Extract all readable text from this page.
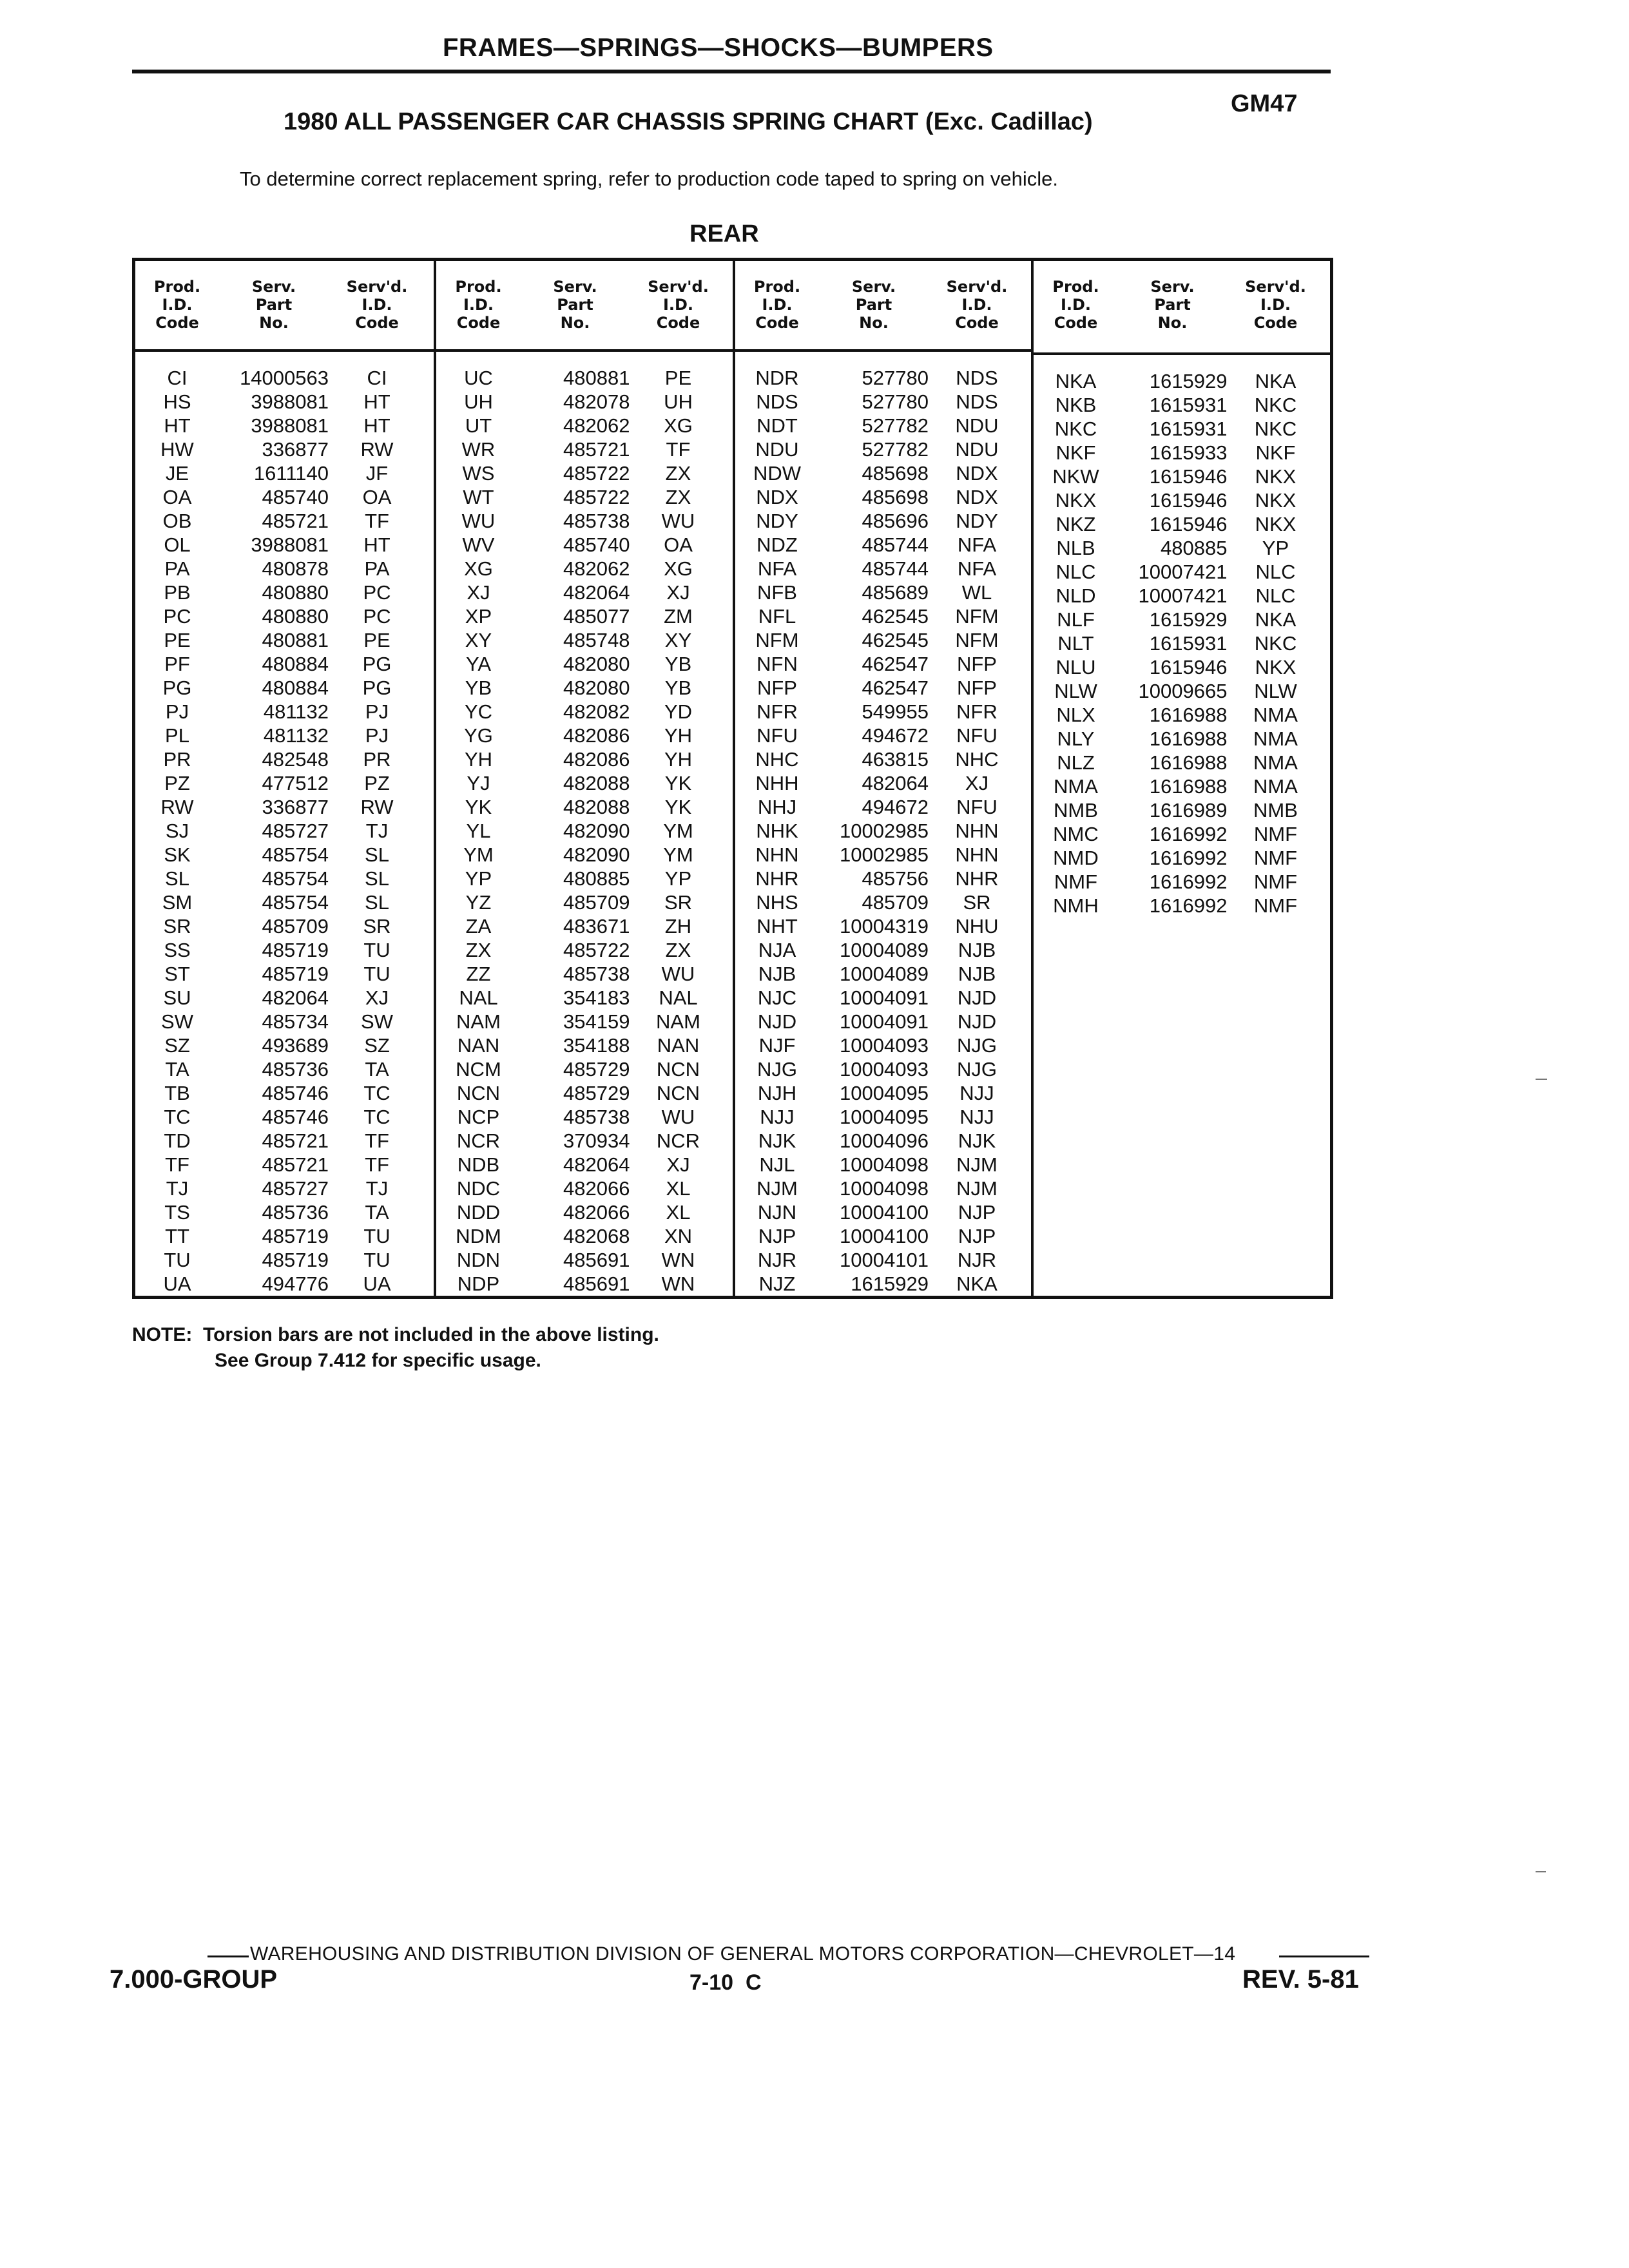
FRAMES—SPRINGS—SHOCKS—BUMPERS
1980 ALL PASSENGER CAR CHASSIS SPRING CHART (Exc. Cadillac)
GM47
To determine correct replacement spring, refer to production code taped to spring on vehicle.
REAR
Prod.
I.D.
Code
Serv.
Part
No.
Serv'd.
I.D.
Code
CI	14000563	CI
HS	3988081	HT
HT	3988081	HT
HW	336877	RW
JE	1611140	JF
OA	485740	OA
OB	485721	TF
OL	3988081	HT
PA	480878	PA
PB	480880	PC
PC	480880	PC
PE	480881	PE
PF	480884	PG
PG	480884	PG
PJ	481132	PJ
PL	481132	PJ
PR	482548	PR
PZ	477512	PZ
RW	336877	RW
SJ	485727	TJ
SK	485754	SL
SL	485754	SL
SM	485754	SL
SR	485709	SR
SS	485719	TU
ST	485719	TU
SU	482064	XJ
SW	485734	SW
SZ	493689	SZ
TA	485736	TA
TB	485746	TC
TC	485746	TC
TD	485721	TF
TF	485721	TF
TJ	485727	TJ
TS	485736	TA
TT	485719	TU
TU	485719	TU
UA	494776	UA
Prod.
I.D.
Code
Serv.
Part
No.
Serv'd.
I.D.
Code
UC	480881	PE
UH	482078	UH
UT	482062	XG
WR	485721	TF
WS	485722	ZX
WT	485722	ZX
WU	485738	WU
WV	485740	OA
XG	482062	XG
XJ	482064	XJ
XP	485077	ZM
XY	485748	XY
YA	482080	YB
YB	482080	YB
YC	482082	YD
YG	482086	YH
YH	482086	YH
YJ	482088	YK
YK	482088	YK
YL	482090	YM
YM	482090	YM
YP	480885	YP
YZ	485709	SR
ZA	483671	ZH
ZX	485722	ZX
ZZ	485738	WU
NAL	354183	NAL
NAM	354159	NAM
NAN	354188	NAN
NCM	485729	NCN
NCN	485729	NCN
NCP	485738	WU
NCR	370934	NCR
NDB	482064	XJ
NDC	482066	XL
NDD	482066	XL
NDM	482068	XN
NDN	485691	WN
NDP	485691	WN
Prod.
I.D.
Code
Serv.
Part
No.
Serv'd.
I.D.
Code
NDR	527780	NDS
NDS	527780	NDS
NDT	527782	NDU
NDU	527782	NDU
NDW	485698	NDX
NDX	485698	NDX
NDY	485696	NDY
NDZ	485744	NFA
NFA	485744	NFA
NFB	485689	WL
NFL	462545	NFM
NFM	462545	NFM
NFN	462547	NFP
NFP	462547	NFP
NFR	549955	NFR
NFU	494672	NFU
NHC	463815	NHC
NHH	482064	XJ
NHJ	494672	NFU
NHK	10002985	NHN
NHN	10002985	NHN
NHR	485756	NHR
NHS	485709	SR
NHT	10004319	NHU
NJA	10004089	NJB
NJB	10004089	NJB
NJC	10004091	NJD
NJD	10004091	NJD
NJF	10004093	NJG
NJG	10004093	NJG
NJH	10004095	NJJ
NJJ	10004095	NJJ
NJK	10004096	NJK
NJL	10004098	NJM
NJM	10004098	NJM
NJN	10004100	NJP
NJP	10004100	NJP
NJR	10004101	NJR
NJZ	1615929	NKA
Prod.
I.D.
Code
Serv.
Part
No.
Serv'd.
I.D.
Code
NKA	1615929	NKA
NKB	1615931	NKC
NKC	1615931	NKC
NKF	1615933	NKF
NKW	1615946	NKX
NKX	1615946	NKX
NKZ	1615946	NKX
NLB	480885	YP
NLC	10007421	NLC
NLD	10007421	NLC
NLF	1615929	NKA
NLT	1615931	NKC
NLU	1615946	NKX
NLW	10009665	NLW
NLX	1616988	NMA
NLY	1616988	NMA
NLZ	1616988	NMA
NMA	1616988	NMA
NMB	1616989	NMB
NMC	1616992	NMF
NMD	1616992	NMF
NMF	1616992	NMF
NMH	1616992	NMF
NOTE:  Torsion bars are not included in the above listing.
See Group 7.412 for specific usage.
WAREHOUSING AND DISTRIBUTION DIVISION OF GENERAL MOTORS CORPORATION—CHEVROLET—14
7.000-GROUP	7-10  C	REV. 5-81
